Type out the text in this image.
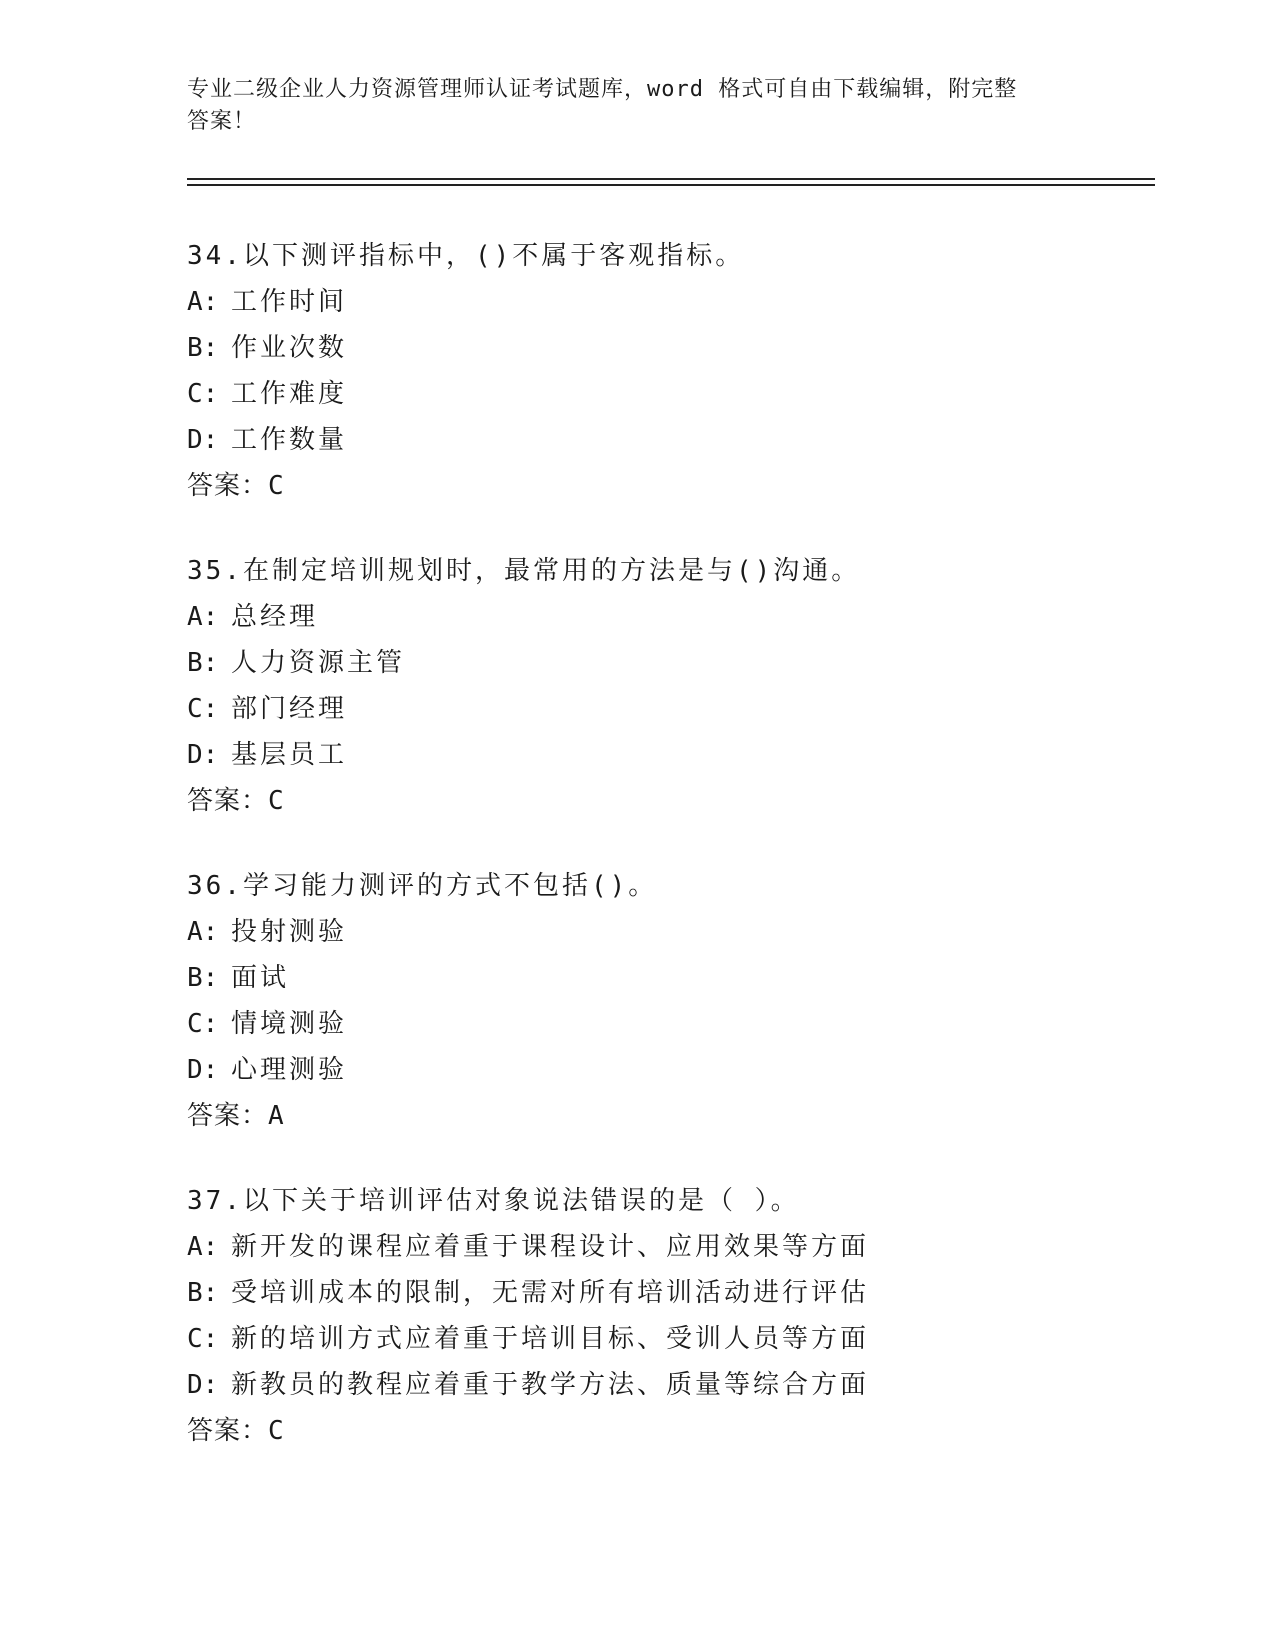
专业二级企业人力资源管理师认证考试题库，word 格式可自由下载编辑，附完整
答案！
34.以下测评指标中，()不属于客观指标。
A: 工作时间
B: 作业次数
C: 工作难度
D: 工作数量
答案：C
35.在制定培训规划时，最常用的方法是与()沟通。
A: 总经理
B: 人力资源主管
C: 部门经理
D: 基层员工
答案：C
36.学习能力测评的方式不包括()。
A: 投射测验
B: 面试
C: 情境测验
D: 心理测验
答案：A
37.以下关于培训评估对象说法错误的是（ ）。
A: 新开发的课程应着重于课程设计、应用效果等方面
B: 受培训成本的限制，无需对所有培训活动进行评估
C: 新的培训方式应着重于培训目标、受训人员等方面
D: 新教员的教程应着重于教学方法、质量等综合方面
答案：C
